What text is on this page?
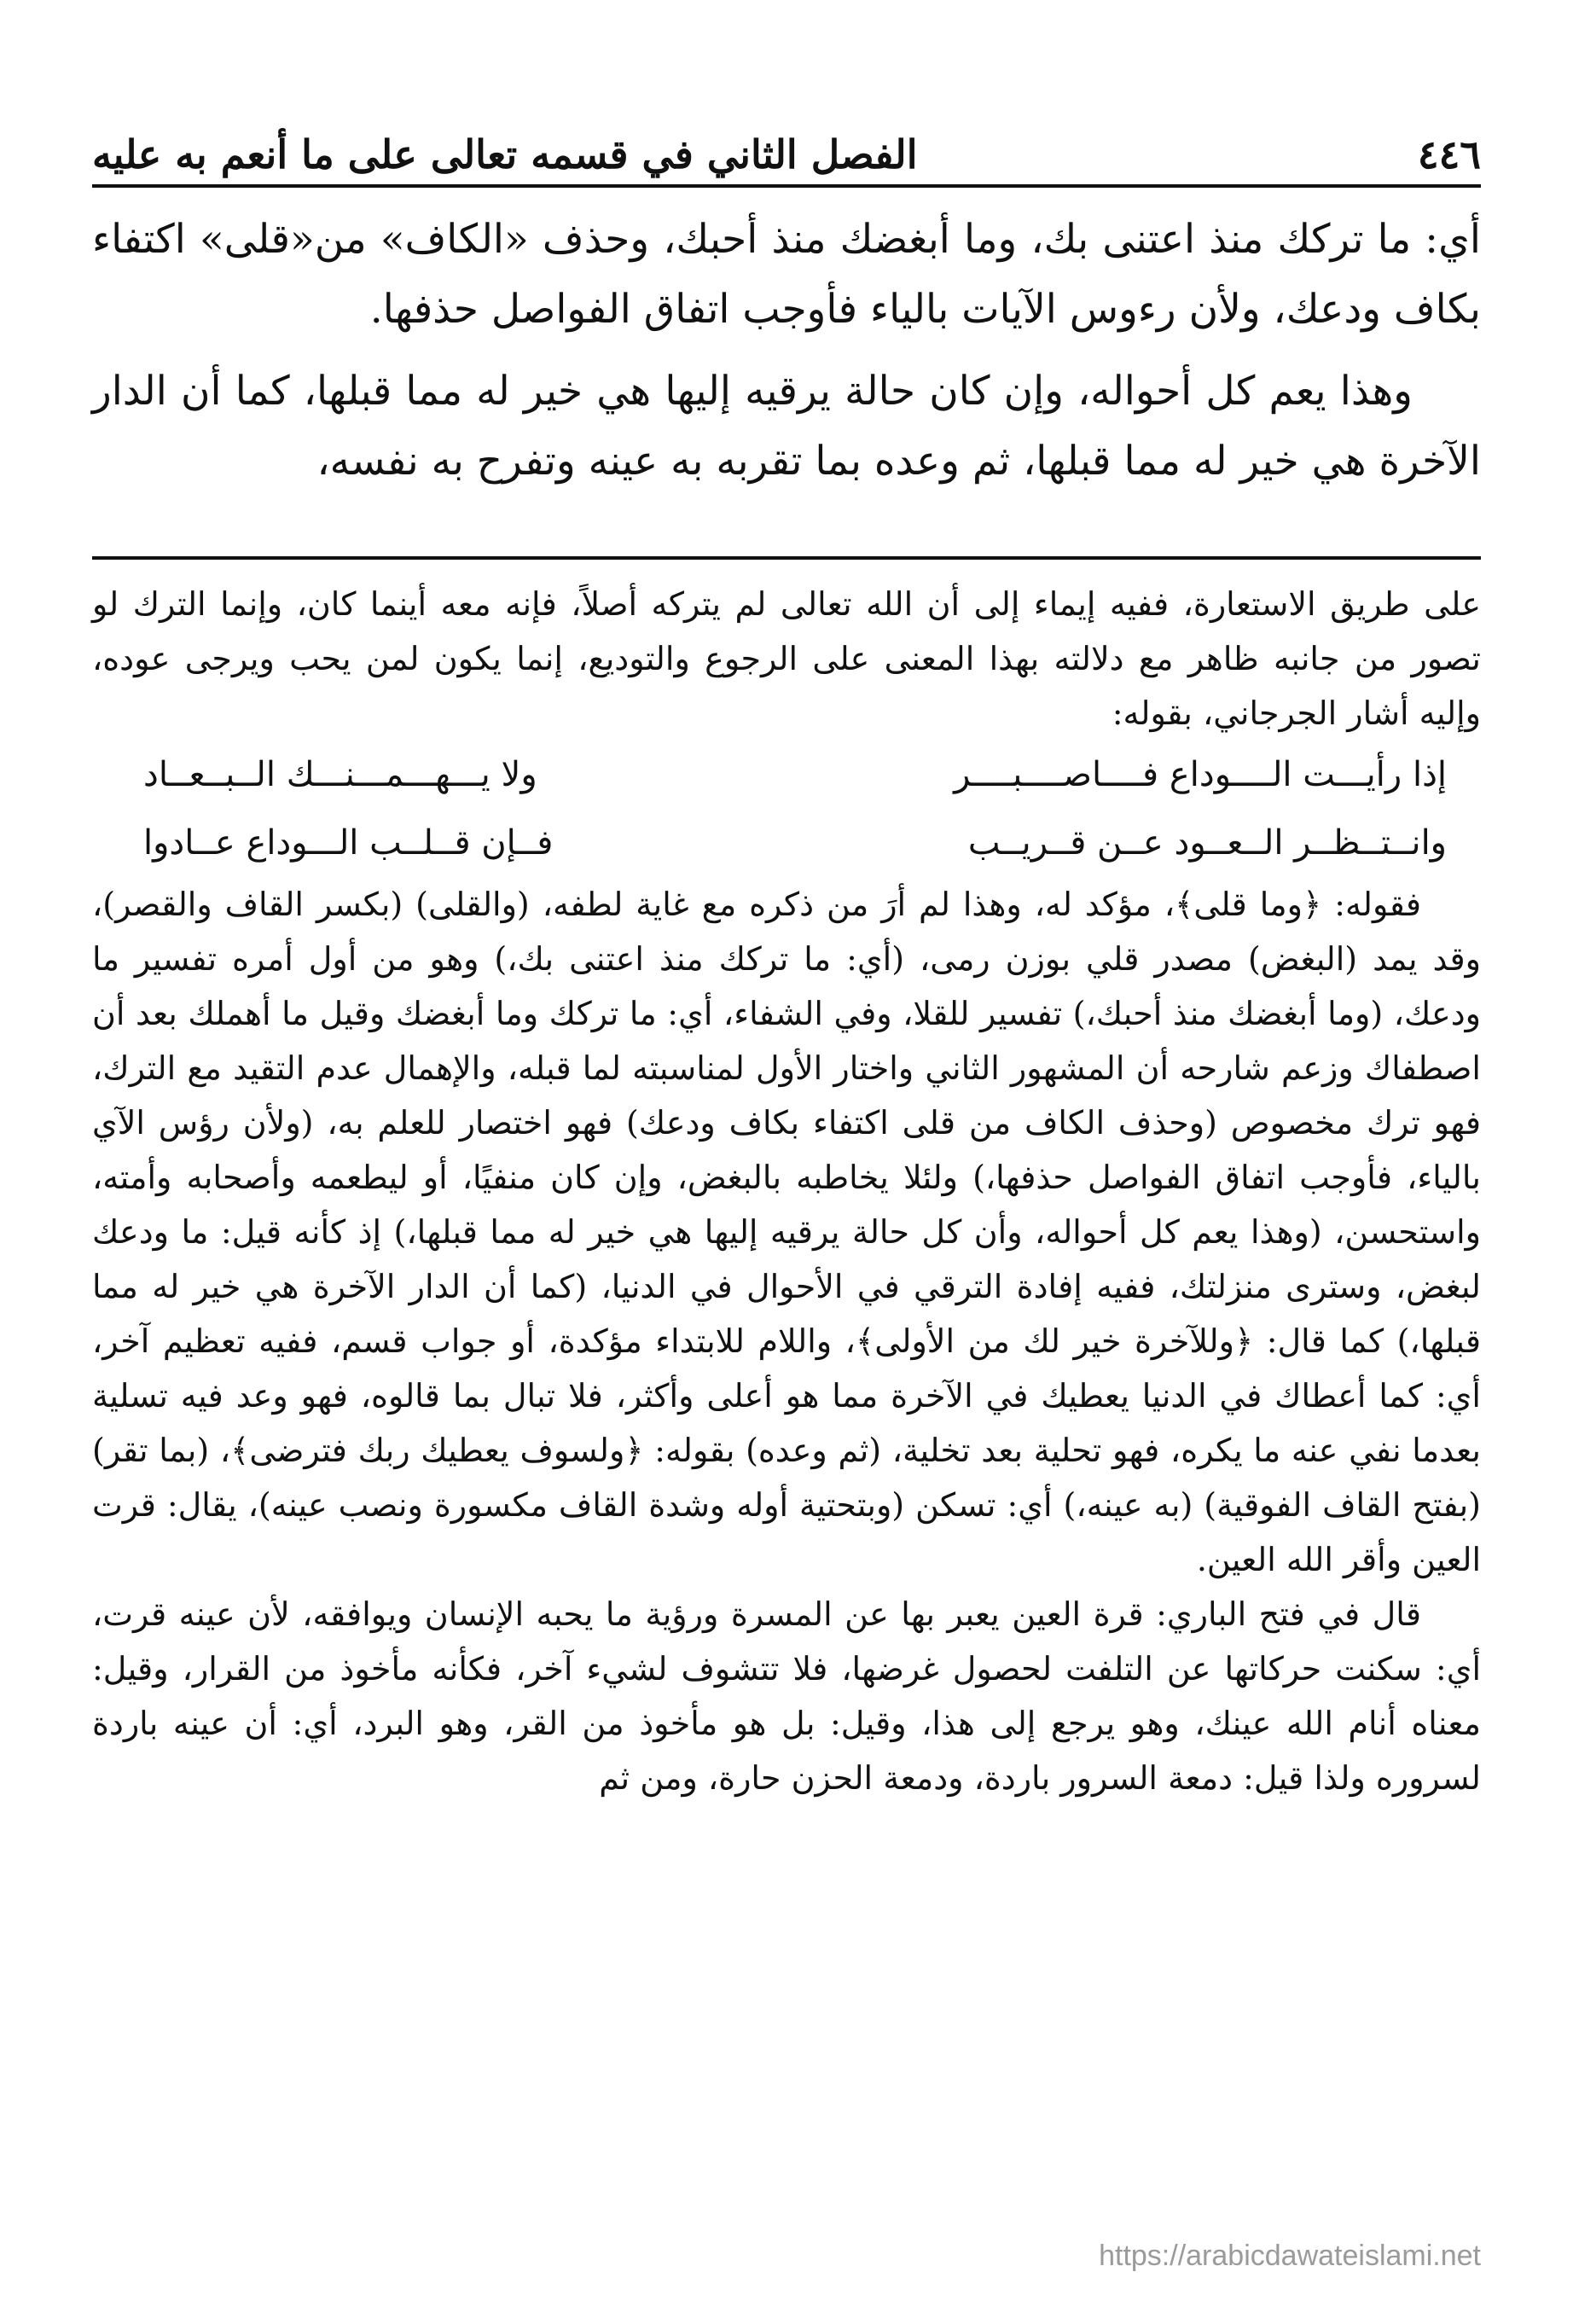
٤٤٦
الفصل الثاني في قسمه تعالى على ما أنعم به عليه

أي: ما تركك منذ اعتنى بك، وما أبغضك منذ أحبك، وحذف «الكاف» من«قلى» اكتفاء بكاف ودعك، ولأن رءوس الآيات بالياء فأوجب اتفاق الفواصل حذفها.

وهذا يعم كل أحواله، وإن كان حالة يرقيه إليها هي خير له مما قبلها، كما أن الدار الآخرة هي خير له مما قبلها، ثم وعده بما تقربه به عينه وتفرح به نفسه،

على طريق الاستعارة، ففيه إيماء إلى أن الله تعالى لم يتركه أصلاً، فإنه معه أينما كان، وإنما الترك لو تصور من جانبه ظاهر مع دلالته بهذا المعنى على الرجوع والتوديع، إنما يكون لمن يحب ويرجى عوده، وإليه أشار الجرجاني، بقوله:

إذا رأيـــت الــــوداع فــــاصــــبــــر
ولا يـــهـــمـــنـــك الــبــعــاد
وانــتــظــر الــعــود عــن قــريــب
فــإن قــلــب الـــوداع عــادوا

فقوله: ﴿وما قلى﴾، مؤكد له، وهذا لم أرَ من ذكره مع غاية لطفه، (والقلى) (بكسر القاف والقصر)، وقد يمد (البغض) مصدر قلي بوزن رمى، (أي: ما تركك منذ اعتنى بك،) وهو من أول أمره تفسير ما ودعك، (وما أبغضك منذ أحبك،) تفسير للقلا، وفي الشفاء، أي: ما تركك وما أبغضك وقيل ما أهملك بعد أن اصطفاك وزعم شارحه أن المشهور الثاني واختار الأول لمناسبته لما قبله، والإهمال عدم التقيد مع الترك، فهو ترك مخصوص (وحذف الكاف من قلى اكتفاء بكاف ودعك) فهو اختصار للعلم به، (ولأن رؤس الآي بالياء، فأوجب اتفاق الفواصل حذفها،) ولئلا يخاطبه بالبغض، وإن كان منفيًا، أو ليطعمه وأصحابه وأمته، واستحسن، (وهذا يعم كل أحواله، وأن كل حالة يرقيه إليها هي خير له مما قبلها،) إذ كأنه قيل: ما ودعك لبغض، وسترى منزلتك، ففيه إفادة الترقي في الأحوال في الدنيا، (كما أن الدار الآخرة هي خير له مما قبلها،) كما قال: ﴿وللآخرة خير لك من الأولى﴾، واللام للابتداء مؤكدة، أو جواب قسم، ففيه تعظيم آخر، أي: كما أعطاك في الدنيا يعطيك في الآخرة مما هو أعلى وأكثر، فلا تبال بما قالوه، فهو وعد فيه تسلية بعدما نفي عنه ما يكره، فهو تحلية بعد تخلية، (ثم وعده) بقوله: ﴿ولسوف يعطيك ربك فترضى﴾، (بما تقر) (بفتح القاف الفوقية) (به عينه،) أي: تسكن (وبتحتية أوله وشدة القاف مكسورة ونصب عينه)، يقال: قرت العين وأقر الله العين.

قال في فتح الباري: قرة العين يعبر بها عن المسرة ورؤية ما يحبه الإنسان ويوافقه، لأن عينه قرت، أي: سكنت حركاتها عن التلفت لحصول غرضها، فلا تتشوف لشيء آخر، فكأنه مأخوذ من القرار، وقيل: معناه أنام الله عينك، وهو يرجع إلى هذا، وقيل: بل هو مأخوذ من القر، وهو البرد، أي: أن عينه باردة لسروره ولذا قيل: دمعة السرور باردة، ودمعة الحزن حارة، ومن ثم

https://arabicdawateislami.net
